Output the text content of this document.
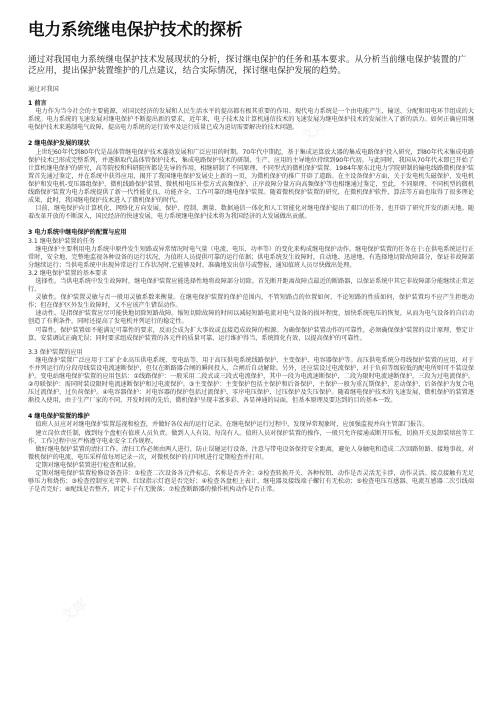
电力系统继电保护技术的探析
通过对我国电力系统继电保护技术发展现状的分析，探讨继电保护的任务和基本要求。从分析当前继电保护装置的广泛应用，提出保护装置维护的几点建议，结合实际情况，探讨继电保护发展的趋势。

通过对我国

1 前言

电力作为当今社会的主要能源，对国民经济的发展和人民生活水平的提高都有极其重要的作用。现代电力系统是一个由电能产生、输送、分配和用电环节组成的大系统。电力系统的飞速发展对继电保护不断提出新的要求，近年来，电子技术及计算机通信技术的飞速发展为继电保护技术的发展注入了新的活力。如何正确应用继电保护技术来遏制电气故障，提高电力系统的运行效率及运行质量已成为迫切需要解决的技术问题。

2 继电保护发展的现状

上世纪60年代到80年代是晶体管继电保护技术蓬勃发展和广泛应用的时期。70年代中期起，基于集成运算放大器的集成电路保护投入研究，到80年代末集成电路保护技术已形成完整系列，并逐渐取代晶体管保护技术，集成电路保护技术的研制、生产、应用的主导地位持续到90年代初。与此同时，我国从70年代末即已开始了计算机继电保护的研究，高等院校和科研院所都是先导的作用，相继研制了不同原理、不同型式的微机保护装置。1984年原东北电力学院研制的输电线路微机保护装置首先通过鉴定，并在系统中获得应用，揭开了我国继电保护发展史上新的一页，为微机保护的推广开辟了道路。在主设备保护方面，关于发电机失磁保护、发电机保护和发电机-变压器组保护、微机线路保护装置、微机相电压补偿方式高频保护、正序故障分量方向高频保护等也相继通过鉴定，至此，不同原理、不同机型的微机线路保护装置为电力系统提供了新一代性能优良、功能齐全、工作可靠的继电保护装置。随着微机保护装置的研究，在微机保护软件、算法等方面也取得了很多理论成果，此时，我国继电保护技术进入了微机保护的时代。

目前，继电保护向计算机化、网络化方向发展，保护、控制、测量、数据通信一体化和人工智能化对继电保护提出了艰巨的任务，也开辟了研究开发的新天地。随着改革开放的不断深入，国民经济的快速发展，电力系统继电保护技术将为我国经济的大发展做出贡献。

3 电力系统中继电保护的配置与应用

3.1 继电保护装置的任务

继电保护主要利用电力系统中原件发生短路或异常情况时电气量（电流、电压、功率等）的变化来构成继电保护动作。继电保护装置的任务在于:在供电系统运行正常时，安全地、完整地监视各种设备的运行状况，为值班人员提供可靠的运行依据；供电系统发生故障时，自动地、迅速地、有选择地切除故障部分，保证非故障部分继续运行；当供电系统中出现异常运行工作状况时,它能够及时、准确地发出信号或警报，通知值班人员尽快做出处理。

3.2 继电保护装置的基本要求

选择性。当供电系统中发生故障时，继电保护装置应能选择性地将故障部分切除。首先断开距离故障点最近的断路器，以保证系统中其它非故障部分能继续正常运行。

灵敏性。保护装置灵敏与否一般用灵敏系数来衡量。在继电保护装置的保护范围内，不管短路点的位置如何、不论短路的性质如何，保护装置均不应产生拒绝动作；但在保护区外发生故障时，又不应该产生错误动作。

速动性。是指保护装置应尽可能快地切除短路故障。缩短切除故障的时间以减轻短路电流对电气设备的损坏程度，加快系统电压的恢复，从而为电气设备的自启动创造了有利条件，同时还提高了发电机并列运行的稳定性。

可靠性。保护装置如不能满足可靠性的要求，反而会成为扩大事故或直接造成故障的根源。为确保保护装置动作的可靠性，必须确保保护装置的设计原理、整定计算、安装调试正确无误；同时要求组成保护装置的各元件的质量可靠、运行维护得当、系统简化有效，以提高保护的可靠性。

3.3 保护装置的应用

继电保护装置广泛应用于工矿企业高压供电系统、变电站等，用于高压供电系统线路保护、主变保护、电容器保护等。高压供电系统分母线保护装置的应用，对于不并列运行的分段母线装设电流速断保护，但仅在断路器合闸的瞬间投入，合闸后自动解除。另外，还应装设过电流保护，对于负荷等级较低的配电所则可不装设保护。变电站继电保护装置的应用包括：①线路保护：一般采用二段式或三段式电流保护，其中一段为电流速断保护，二段为限时电流速断保护，三段为过电流保护。②母联保护：需同时装设限时电流速断保护和过电流保护。③主变保护：主变保护包括主保护和后备保护，主保护一般为重瓦斯保护、差动保护，后备保护为复合电压过流保护、过负荷保护。④电容器保护：对电容器的保护包括过流保护、零序电压保护、过压保护及失压保护。随着继电保护技术的飞速发展，微机保护的装置逐渐投入使用，由于生产厂家的不同、开发时间的先后，微机保护呈现丰富多彩、各显神通的局面，但基本原理及要达到的目的基本一致。

4 继电保护装置的维护

值班人员应对对继电保护装置巡视和检查，并做好各仪表的运行记录。在继电保护运行过程中，发现异常现象时，应加强监视并向主管部门报告。

建立岗位责任制，做到每个盘柜有值班人员负责。做到人人有岗、每岗有人。值班人员对保护装置的操作，一般只允许接通或断开压板，切换开关及卸装熔丝等工作，工作过程中应严格遵守电业安全工作规程。

做好继电保护装置的清扫工作。清扫工作必须由两人进行，防止误碰运行设备，注意与带电设备保持安全距离，避免人身触电和造成二次回路短路、接地事故。对微机保护的电流、电压采样值每周记录一次，对微机保护的打印机进行定期检查并打印。

定期对继电保护装置进行检查和试验。

定期对继电保护装置检修设备查详：①检查二次设备各元件标志、名称是否齐全；②检查转换开关、各种按钮、动作是否灵活无卡涉，动作灵活。接点接触有无足够压力和烧伤；③检查控制室光字牌、红绿指示灯泡是否完好；④检查各盘柜上表计、继电器及接线端子螺钉有无松动；⑤检查电压互感器、电流互感器二次引线端子是否完好；⑥配线是否整齐，固定卡子有无脱落；⑦检查断路器的操作机构动作是否正常。
